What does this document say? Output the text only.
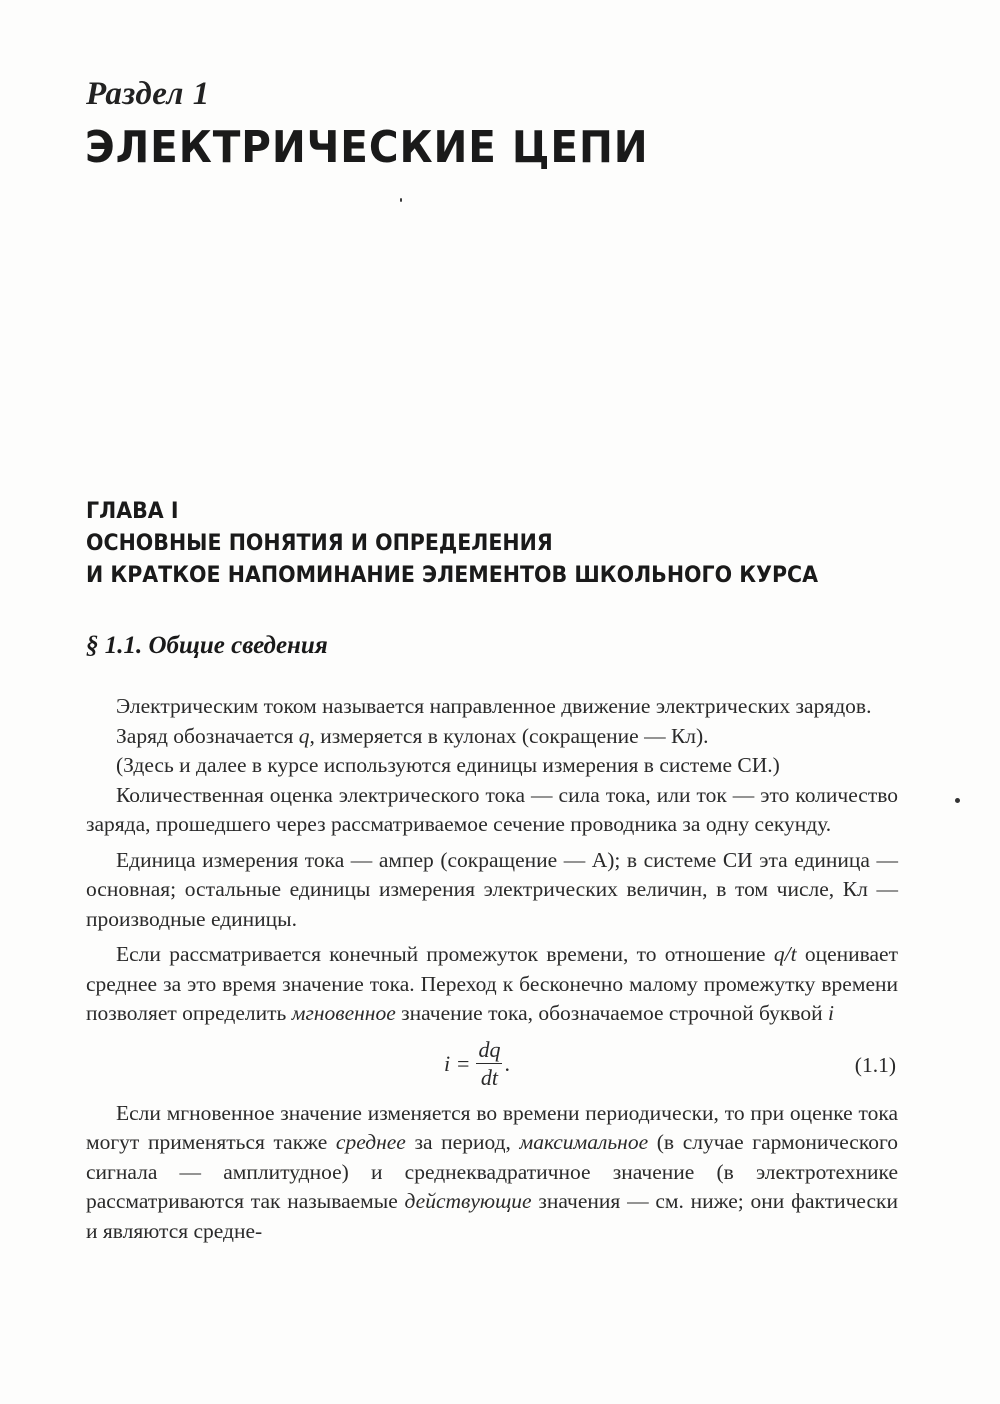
Раздел 1
ЭЛЕКТРИЧЕСКИЕ ЦЕПИ
ГЛАВА I
ОСНОВНЫЕ ПОНЯТИЯ И ОПРЕДЕЛЕНИЯ
И КРАТКОЕ НАПОМИНАНИЕ ЭЛЕМЕНТОВ ШКОЛЬНОГО КУРСА
§ 1.1. Общие сведения

Электрическим током называется направленное движение электрических зарядов.

Заряд обозначается q, измеряется в кулонах (сокращение — Кл).

(Здесь и далее в курсе используются единицы измерения в системе СИ.)

Количественная оценка электрического тока — сила тока, или ток — это количество заряда, прошедшего через рассматриваемое сечение проводника за одну секунду.

Единица измерения тока — ампер (сокращение — А); в системе СИ эта единица — основная; остальные единицы измерения электрических величин, в том числе, Кл — производные единицы.

Если рассматривается конечный промежуток времени, то отношение q/t оценивает среднее за это время значение тока. Переход к бесконечно малому промежутку времени позволяет определить мгновенное значение тока, обозначаемое строчной буквой i

$i = \frac{dq}{dt}$ .	(1.1)

Если мгновенное значение изменяется во времени периодически, то при оценке тока могут применяться также среднее за период, максимальное (в случае гармонического сигнала — амплитудное) и среднеквадратичное значение (в электротехнике рассматриваются так называемые действующие значения — см. ниже; они фактически и являются средне-
